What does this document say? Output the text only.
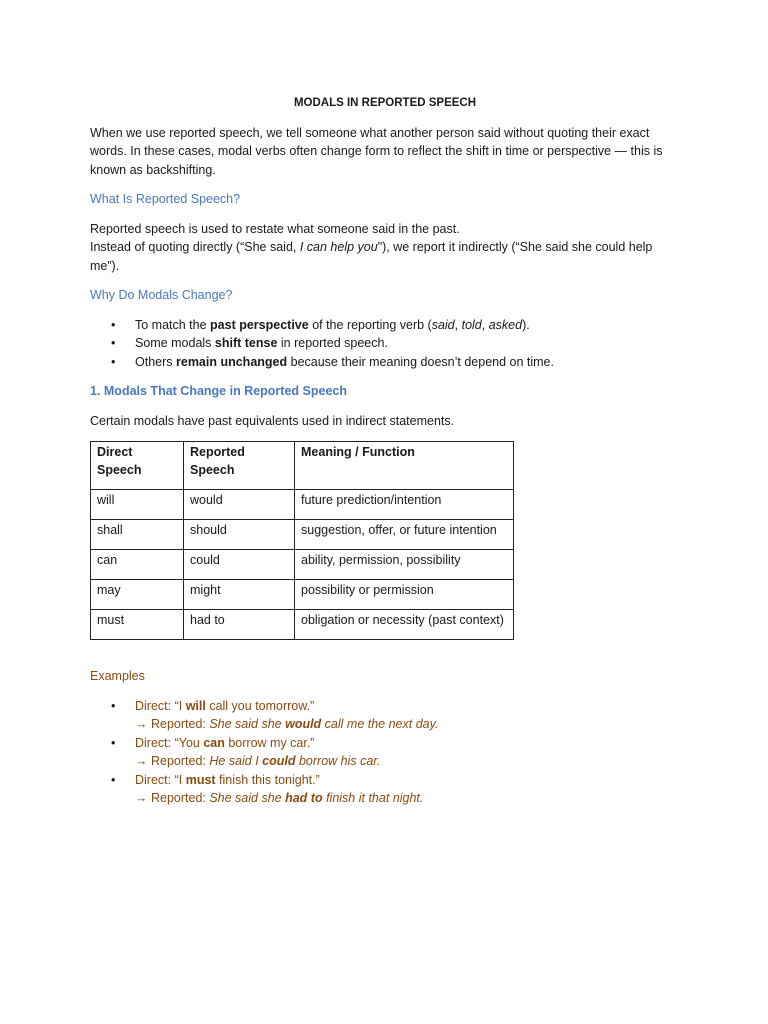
MODALS IN REPORTED SPEECH

When we use reported speech, we tell someone what another person said without quoting their exact words. In these cases, modal verbs often change form to reflect the shift in time or perspective — this is known as backshifting.

What Is Reported Speech?

Reported speech is used to restate what someone said in the past.
Instead of quoting directly (“She said, I can help you"), we report it indirectly (“She said she could help me”).

Why Do Modals Change?
• To match the past perspective of the reporting verb (said, told, asked).
• Some modals shift tense in reported speech.
• Others remain unchanged because their meaning doesn’t depend on time.
1. Modals That Change in Reported Speech

Certain modals have past equivalents used in indirect statements.

Direct Speech	Reported Speech	Meaning / Function
will	would	future prediction/intention
shall	should	suggestion, offer, or future intention
can	could	ability, permission, possibility
may	might	possibility or permission
must	had to	obligation or necessity (past context)

Examples

• Direct: “I will call you tomorrow.”
→ Reported: She said she would call me the next day.
• Direct: “You can borrow my car.”
→ Reported: He said I could borrow his car.
• Direct: “I must finish this tonight.”
→ Reported: She said she had to finish it that night.
